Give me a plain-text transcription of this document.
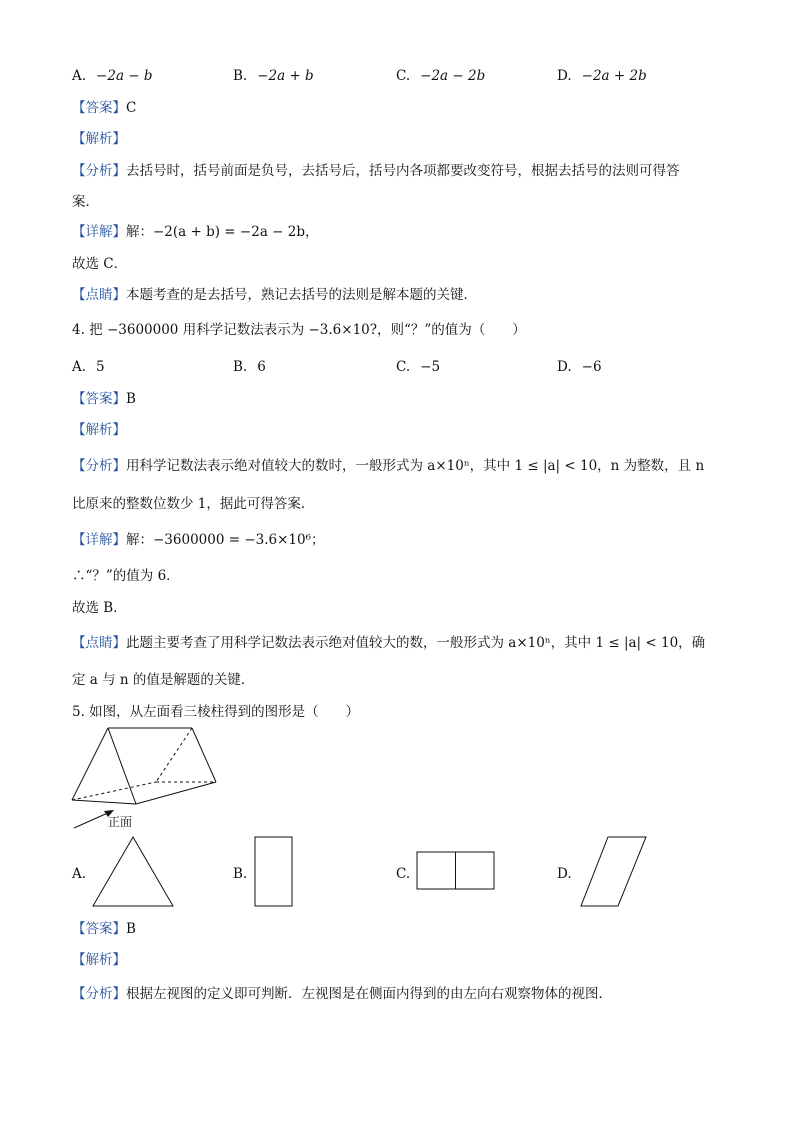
A. −2a − b	B. −2a + b	C. −2a − 2b	D. −2a + 2b
【答案】C
【解析】
【分析】去括号时，括号前面是负号，去括号后，括号内各项都要改变符号，根据去括号的法则可得答
案．
【详解】解：−2(a + b) = −2a − 2b，
故选 C．
【点睛】本题考查的是去括号，熟记去括号的法则是解本题的关键．
4. 把 −3600000 用科学记数法表示为 −3.6×10?，则“？”的值为（　　）
A. 5	B. 6	C. −5	D. −6
【答案】B
【解析】
【分析】用科学记数法表示绝对值较大的数时，一般形式为 a×10ⁿ，其中 1 ≤ |a| < 10，n 为整数，且 n
比原来的整数位数少 1，据此可得答案．
【详解】解：−3600000 = −3.6×10⁶；
∴“？”的值为 6．
故选 B．
【点睛】此题主要考查了用科学记数法表示绝对值较大的数，一般形式为 a×10ⁿ，其中 1 ≤ |a| < 10，确
定 a 与 n 的值是解题的关键．
5. 如图，从左面看三棱柱得到的图形是（　　）
正面
A.	B.	C.	D.
【答案】B
【解析】
【分析】根据左视图的定义即可判断．左视图是在侧面内得到的由左向右观察物体的视图．
